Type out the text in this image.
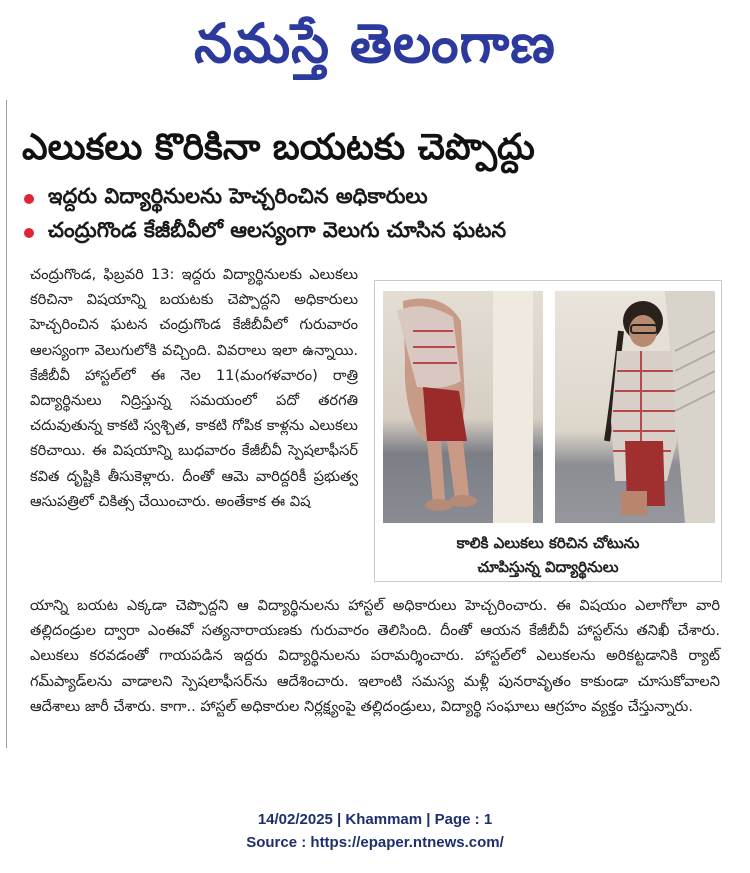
నమస్తే తెలంగాణ
ఎలుకలు కొరికినా బయటకు చెప్పొద్దు
ఇద్దరు విద్యార్థినులను హెచ్చరించిన అధికారులు
చంద్రుగొండ కేజీబీవీలో ఆలస్యంగా వెలుగు చూసిన ఘటన

చంద్రుగొండ, ఫిబ్రవరి 13: ఇద్దరు విద్యార్థినులకు ఎలుకలు కరిచినా విషయాన్ని బయటకు చెప్పొద్దని అధికారులు హెచ్చరించిన ఘటన చంద్రుగొండ కేజీబీవీలో గురువారం ఆలస్యంగా వెలుగులోకి వచ్చింది. వివరాలు ఇలా ఉన్నాయి. కేజీబీవీ హాస్టల్‌లో ఈ నెల 11(మంగళవారం) రాత్రి విద్యార్థినులు నిద్రిస్తున్న సమయంలో పదో తరగతి చదువుతున్న కాకటి స్వశ్చిత, కాకటి గోపిక కాళ్లను ఎలుకలు కరిచాయి. ఈ విషయాన్ని బుధవారం కేజీబీవీ స్పెషలాఫీసర్ కవిత దృష్టికి తీసుకెళ్లారు. దీంతో ఆమె వారిద్దరికీ ప్రభుత్వ ఆసుపత్రిలో చికిత్స చేయించారు. అంతేకాక ఈ విష

కాలికి ఎలుకలు కరిచిన చోటును
చూపిస్తున్న విద్యార్థినులు
యాన్ని బయట ఎక్కడా చెప్పొద్దని ఆ విద్యార్థినులను హాస్టల్ అధికారులు హెచ్చరించారు. ఈ విషయం ఎలాగోలా వారి తల్లిదండ్రుల ద్వారా ఎంఈవో సత్యనారాయణకు గురువారం తెలిసింది. దీంతో ఆయన కేజీబీవీ హాస్టల్‌ను తనిఖీ చేశారు. ఎలుకలు కరవడంతో గాయపడిన ఇద్దరు విద్యార్థినులను పరామర్శించారు. హాస్టల్‌లో ఎలుకలను అరికట్టడానికి ర్యాట్ గమ్‌ప్యాడ్‌లను వాడాలని స్పెషలాఫీసర్‌ను ఆదేశించారు. ఇలాంటి సమస్య మళ్లీ పునరావృతం కాకుండా చూసుకోవాలని ఆదేశాలు జారీ చేశారు. కాగా.. హాస్టల్ అధికారుల నిర్లక్ష్యంపై తల్లిదండ్రులు, విద్యార్థి సంఘాలు ఆగ్రహం వ్యక్తం చేస్తున్నారు.
14/02/2025 | Khammam | Page : 1
Source : https://epaper.ntnews.com/
